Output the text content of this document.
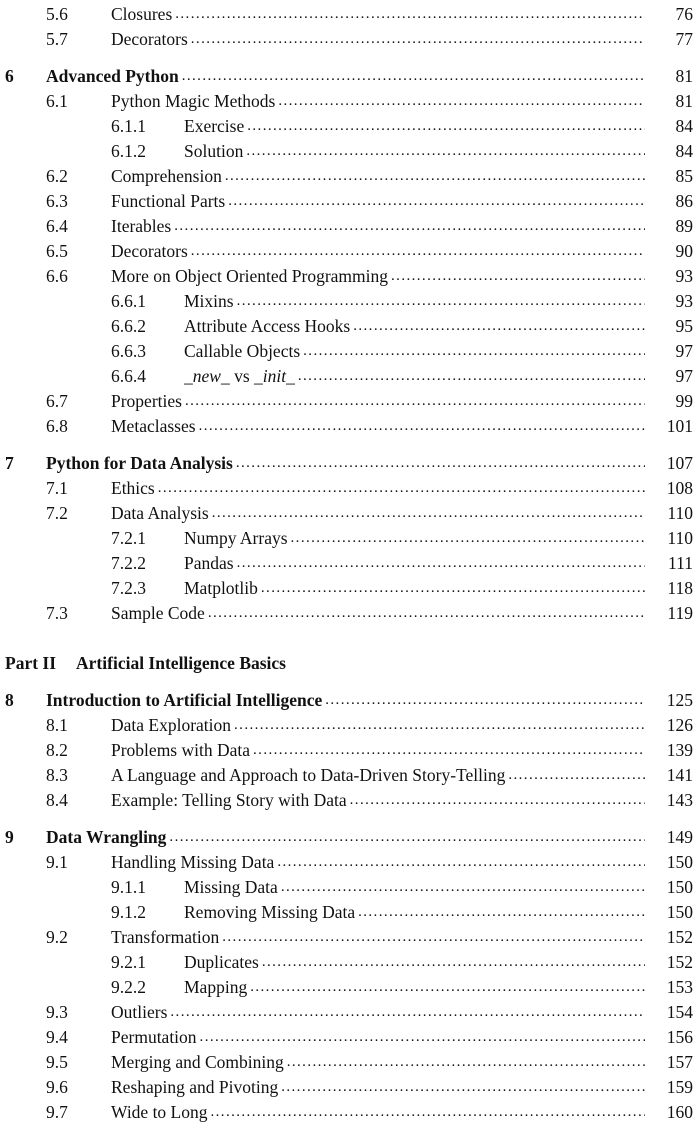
5.6 Closures .....	76
5.7 Decorators .....	77
6 Advanced Python .....	81
6.1 Python Magic Methods .....	81
6.1.1 Exercise .....	84
6.1.2 Solution .....	84
6.2 Comprehension .....	85
6.3 Functional Parts .....	86
6.4 Iterables .....	89
6.5 Decorators .....	90
6.6 More on Object Oriented Programming .....	93
6.6.1 Mixins .....	93
6.6.2 Attribute Access Hooks .....	95
6.6.3 Callable Objects .....	97
6.6.4 _new_ vs _init_ .....	97
6.7 Properties .....	99
6.8 Metaclasses .....	101
7 Python for Data Analysis .....	107
7.1 Ethics .....	108
7.2 Data Analysis .....	110
7.2.1 Numpy Arrays .....	110
7.2.2 Pandas .....	111
7.2.3 Matplotlib .....	118
7.3 Sample Code .....	119
Part II Artificial Intelligence Basics
8 Introduction to Artificial Intelligence .....	125
8.1 Data Exploration .....	126
8.2 Problems with Data .....	139
8.3 A Language and Approach to Data-Driven Story-Telling .....	141
8.4 Example: Telling Story with Data .....	143
9 Data Wrangling .....	149
9.1 Handling Missing Data .....	150
9.1.1 Missing Data .....	150
9.1.2 Removing Missing Data .....	150
9.2 Transformation .....	152
9.2.1 Duplicates .....	152
9.2.2 Mapping .....	153
9.3 Outliers .....	154
9.4 Permutation .....	156
9.5 Merging and Combining .....	157
9.6 Reshaping and Pivoting .....	159
9.7 Wide to Long .....	160
